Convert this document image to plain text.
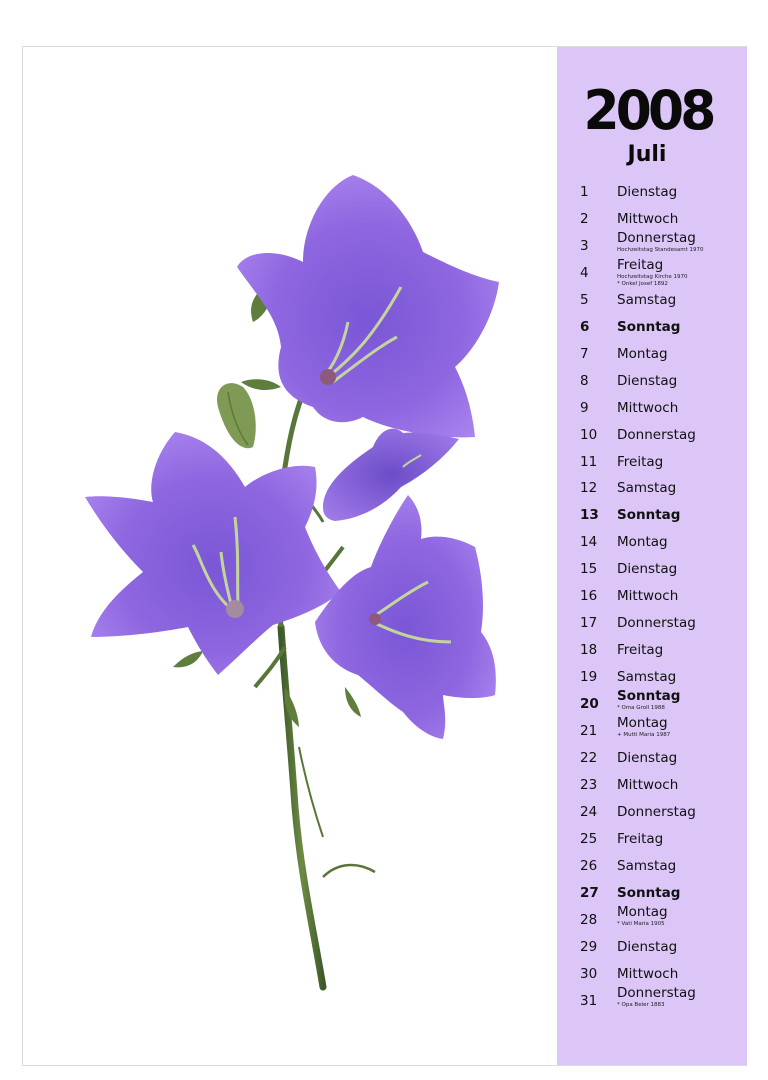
2008
Juli
1 Dienstag
2 Mittwoch
3 Donnerstag
Hochzeitstag Standesamt 1970
4 Freitag
Hochzeitstag Kirche 1970
* Onkel Josef 1892
5 Samstag
6 Sonntag
7 Montag
8 Dienstag
9 Mittwoch
10 Donnerstag
11 Freitag
12 Samstag
13 Sonntag
14 Montag
15 Dienstag
16 Mittwoch
17 Donnerstag
18 Freitag
19 Samstag
20 Sonntag
* Oma Groll 1988
21 Montag
+ Mutti Maria 1987
22 Dienstag
23 Mittwoch
24 Donnerstag
25 Freitag
26 Samstag
27 Sonntag
28 Montag
* Vati Maria 1905
29 Dienstag
30 Mittwoch
31 Donnerstag
* Opa Beier 1883
